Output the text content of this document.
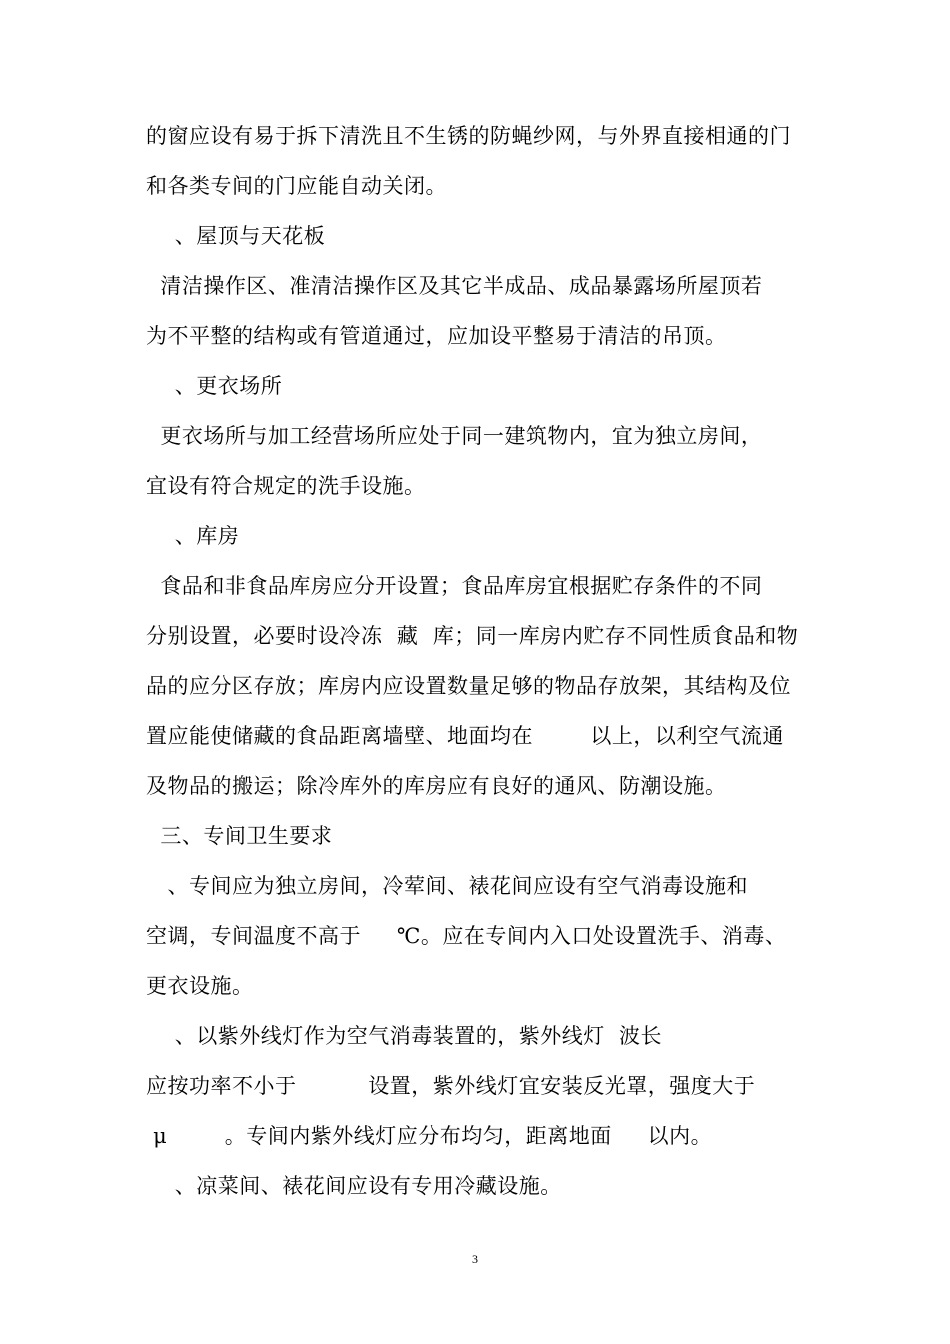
的窗应设有易于拆下清洗且不生锈的防蝇纱网，与外界直接相通的门
和各类专间的门应能自动关闭。
、屋顶与天花板
清洁操作区、准清洁操作区及其它半成品、成品暴露场所屋顶若
为不平整的结构或有管道通过，应加设平整易于清洁的吊顶。
、更衣场所
更衣场所与加工经营场所应处于同一建筑物内，宜为独立房间，
宜设有符合规定的洗手设施。
、库房
食品和非食品库房应分开设置；食品库房宜根据贮存条件的不同
分别设置，必要时设冷冻  藏  库；同一库房内贮存不同性质食品和物
品的应分区存放；库房内应设置数量足够的物品存放架，其结构及位
置应能使储藏的食品距离墙壁、地面均在        以上，以利空气流通
及物品的搬运；除冷库外的库房应有良好的通风、防潮设施。
三、专间卫生要求
、专间应为独立房间，冷荤间、裱花间应设有空气消毒设施和
空调，专间温度不高于     ℃。应在专间内入口处设置洗手、消毒、
更衣设施。
、以紫外线灯作为空气消毒装置的，紫外线灯  波长
应按功率不小于          设置，紫外线灯宜安装反光罩，强度大于
μ        。专间内紫外线灯应分布均匀，距离地面     以内。
、凉菜间、裱花间应设有专用冷藏设施。
3
